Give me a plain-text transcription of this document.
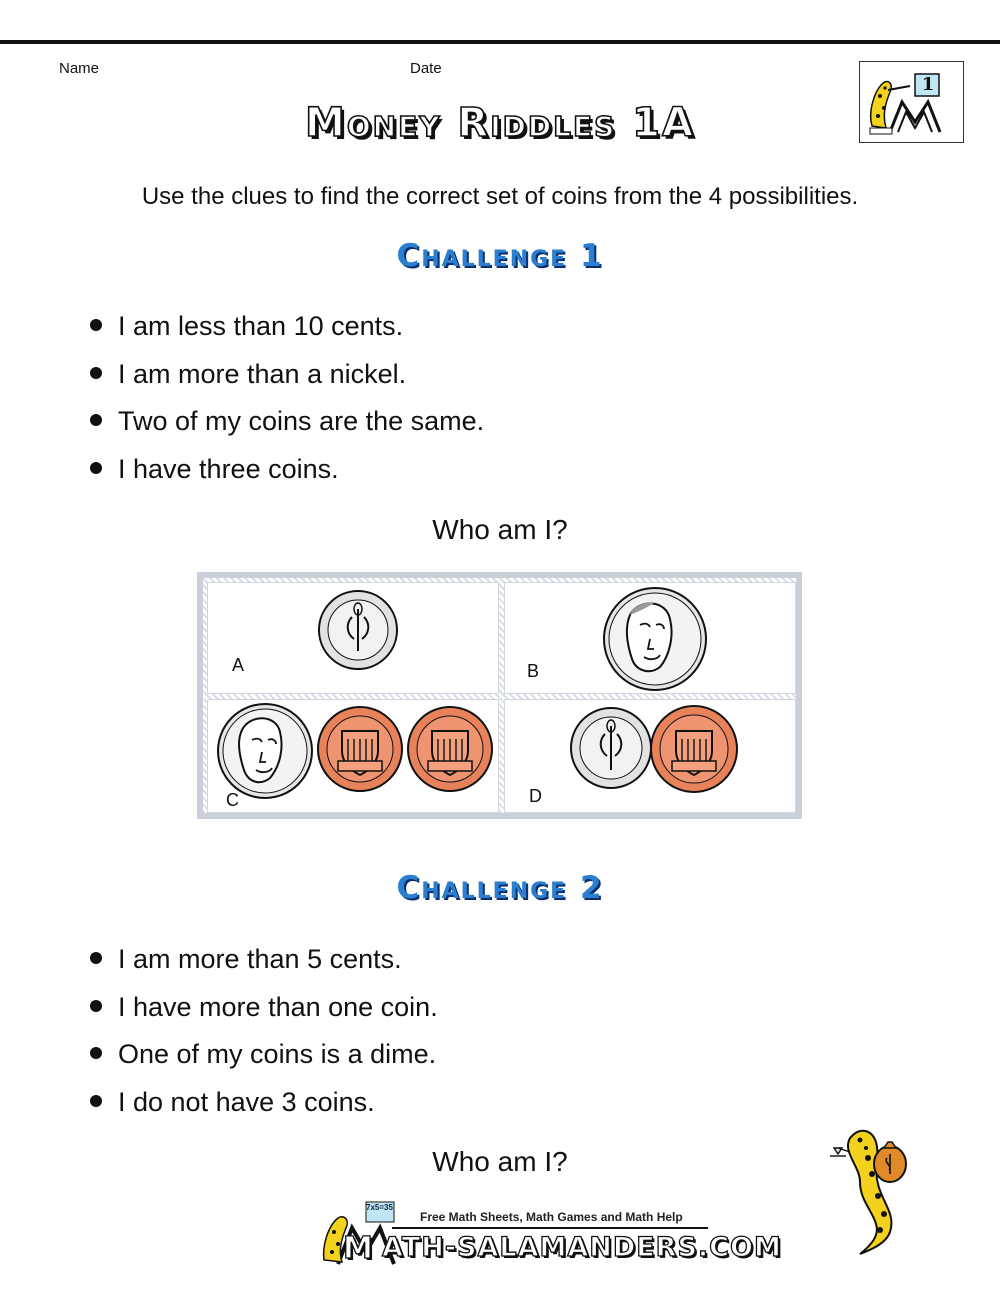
Name	Date
1
Money Riddles 1A
Use the clues to find the correct set of coins from the 4 possibilities.
Challenge 1
I am less than 10 cents.
I am more than a nickel.
Two of my coins are the same.
I have three coins.
Who am I?
A	B
C	D
Challenge 2
I am more than 5 cents.
I have more than one coin.
One of my coins is a dime.
I do not have 3 coins.
Who am I?
7x5=35
M
Free Math Sheets, Math Games and Math Help
ATH-SALAMANDERS.COM
